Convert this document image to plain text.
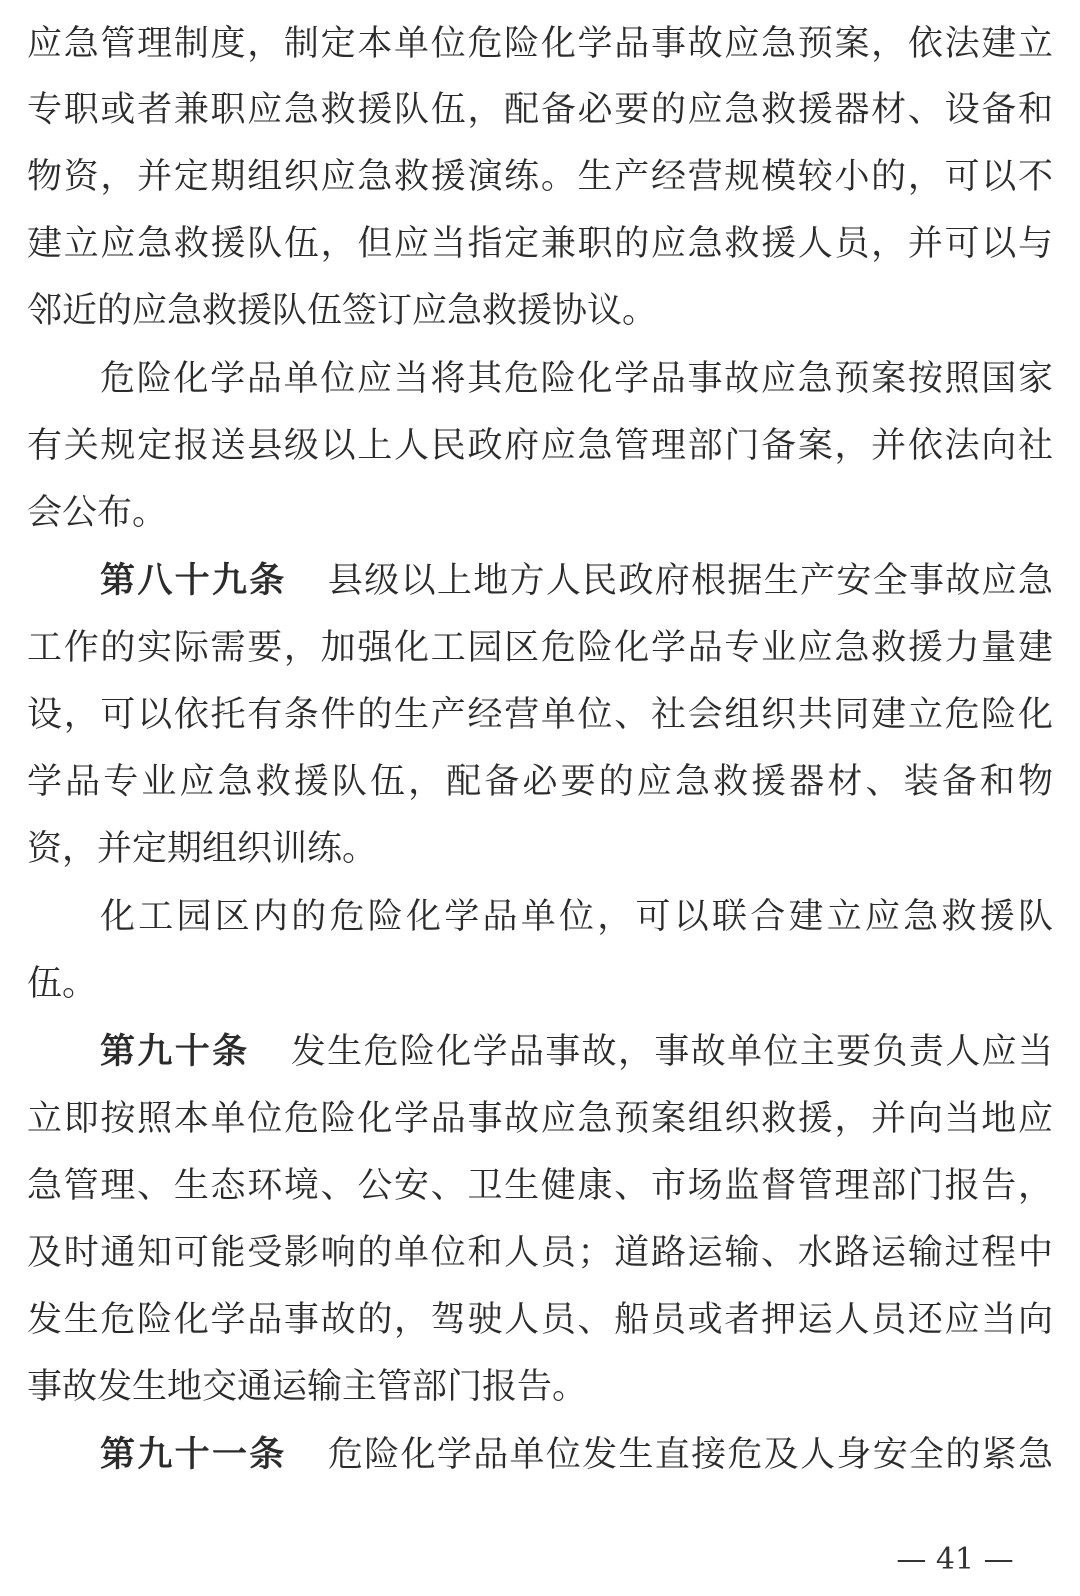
应急管理制度，制定本单位危险化学品事故应急预案，依法建立
专职或者兼职应急救援队伍，配备必要的应急救援器材、设备和
物资，并定期组织应急救援演练。生产经营规模较小的，可以不
建立应急救援队伍，但应当指定兼职的应急救援人员，并可以与
邻近的应急救援队伍签订应急救援协议。
危险化学品单位应当将其危险化学品事故应急预案按照国家
有关规定报送县级以上人民政府应急管理部门备案，并依法向社
会公布。
第八十九条 县级以上地方人民政府根据生产安全事故应急
工作的实际需要，加强化工园区危险化学品专业应急救援力量建
设，可以依托有条件的生产经营单位、社会组织共同建立危险化
学品专业应急救援队伍，配备必要的应急救援器材、装备和物
资，并定期组织训练。
化工园区内的危险化学品单位，可以联合建立应急救援队
伍。
第九十条 发生危险化学品事故，事故单位主要负责人应当
立即按照本单位危险化学品事故应急预案组织救援，并向当地应
急管理、生态环境、公安、卫生健康、市场监督管理部门报告，
及时通知可能受影响的单位和人员；道路运输、水路运输过程中
发生危险化学品事故的，驾驶人员、船员或者押运人员还应当向
事故发生地交通运输主管部门报告。
第九十一条 危险化学品单位发生直接危及人身安全的紧急
— 41 —
